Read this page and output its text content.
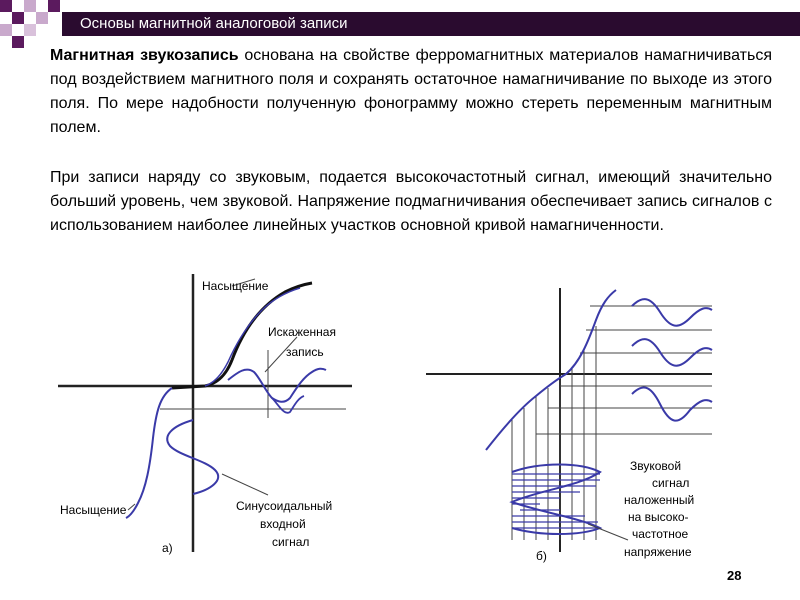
Основы магнитной аналоговой записи

Магнитная звукозапись основана на свойстве ферромагнитных материалов намагничиваться под воздействием магнитного поля и сохранять остаточное намагничивание по выходе из этого поля. По мере надобности полученную фонограмму можно стереть переменным магнитным полем.

При записи наряду со звуковым, подается высокочастотный сигнал, имеющий значительно больший уровень, чем звуковой. Напряжение подмагничивания обеспечивает запись сигналов с использованием наиболее линейных участков основной кривой намагниченности.

Насыщение
Искаженная
запись
Насыщение	Синусоидальный
входной
сигнал
а)
Звуковой
сигнал
наложенный
на высоко-
частотное
напряжение
б)
28
